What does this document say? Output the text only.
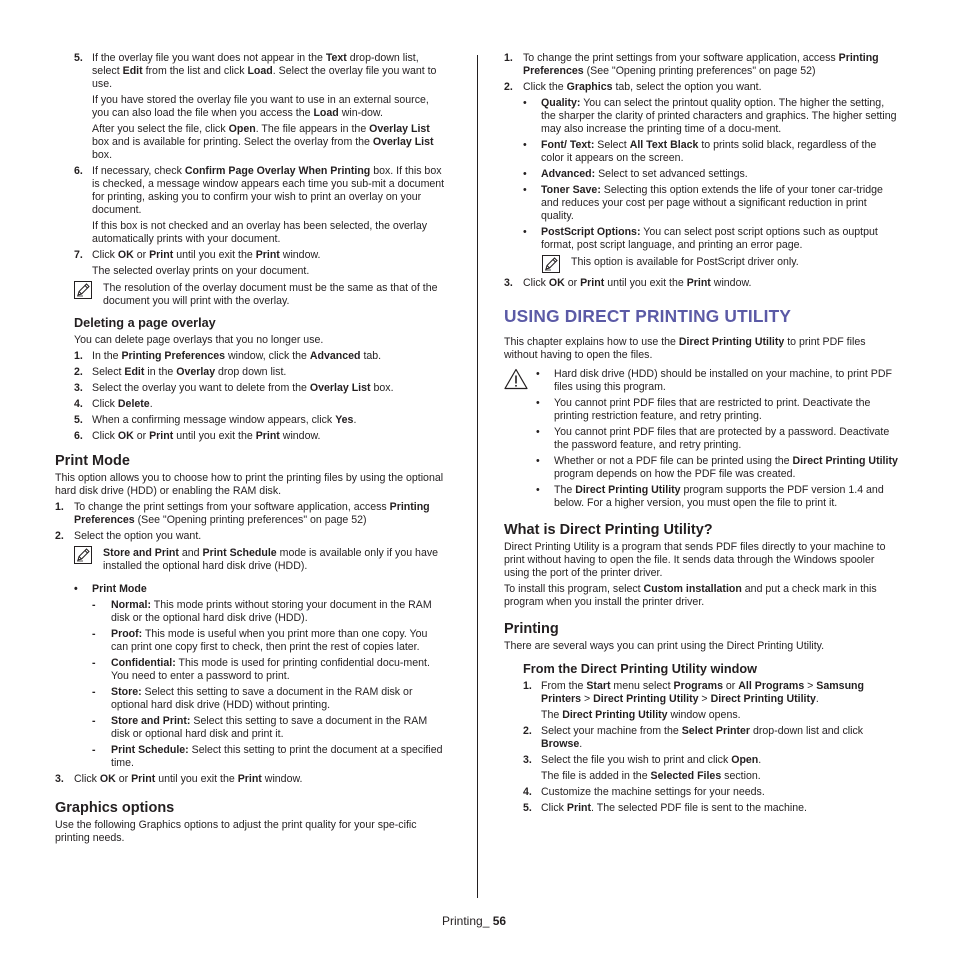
5. If the overlay file you want does not appear in the Text drop-down list, select Edit from the list and click Load. Select the overlay file you want to use.

If you have stored the overlay file you want to use in an external source, you can also load the file when you access the Load win-dow.

After you select the file, click Open. The file appears in the Overlay List box and is available for printing. Select the overlay from the Overlay List box.

6. If necessary, check Confirm Page Overlay When Printing box. If this box is checked, a message window appears each time you sub-mit a document for printing, asking you to confirm your wish to print an overlay on your document.

If this box is not checked and an overlay has been selected, the overlay automatically prints with your document.

7. Click OK or Print until you exit the Print window.

The selected overlay prints on your document.

The resolution of the overlay document must be the same as that of the document you will print with the overlay.

Deleting a page overlay

You can delete page overlays that you no longer use.

1. In the Printing Preferences window, click the Advanced tab.
2. Select Edit in the Overlay drop down list.
3. Select the overlay you want to delete from the Overlay List box.
4. Click Delete.
5. When a confirming message window appears, click Yes.
6. Click OK or Print until you exit the Print window.
Print Mode

This option allows you to choose how to print the printing files by using the optional hard disk drive (HDD) or enabling the RAM disk.

1. To change the print settings from your software application, access Printing Preferences (See "Opening printing preferences" on page 52)
2. Select the option you want.

Store and Print and Print Schedule mode is available only if you have installed the optional hard disk drive (HDD).

• Print Mode

- Normal: This mode prints without storing your document in the RAM disk or the optional hard disk drive (HDD).

- Proof: This mode is useful when you print more than one copy. You can print one copy first to check, then print the rest of copies later.

- Confidential: This mode is used for printing confidential docu-ment. You need to enter a password to print.

- Store: Select this setting to save a document in the RAM disk or optional hard disk drive (HDD) without printing.

- Store and Print: Select this setting to save a document in the RAM disk or optional hard disk and print it.

- Print Schedule: Select this setting to print the document at a specified time.

3. Click OK or Print until you exit the Print window.
Graphics options

Use the following Graphics options to adjust the print quality for your spe-cific printing needs.

1. To change the print settings from your software application, access Printing Preferences (See "Opening printing preferences" on page 52)
2. Click the Graphics tab, select the option you want.

• Quality: You can select the printout quality option. The higher the setting, the sharper the clarity of printed characters and graphics. The higher setting may also increase the printing time of a docu-ment.

• Font/ Text: Select All Text Black to prints solid black, regardless of the color it appears on the screen.

• Advanced: Select to set advanced settings.

• Toner Save: Selecting this option extends the life of your toner car-tridge and reduces your cost per page without a significant reduction in print quality.

• PostScript Options: You can select post script options such as ouptput format, post script language, and printing an error page.

This option is available for PostScript driver only.

3. Click OK or Print until you exit the Print window.
USING DIRECT PRINTING UTILITY

This chapter explains how to use the Direct Printing Utility to print PDF files without having to open the files.

• Hard disk drive (HDD) should be installed on your machine, to print PDF files using this program.

• You cannot print PDF files that are restricted to print. Deactivate the printing restriction feature, and retry printing.

• You cannot print PDF files that are protected by a password. Deactivate the password feature, and retry printing.

• Whether or not a PDF file can be printed using the Direct Printing Utility program depends on how the PDF file was created.

• The Direct Printing Utility program supports the PDF version 1.4 and below. For a higher version, you must open the file to print it.

What is Direct Printing Utility?

Direct Printing Utility is a program that sends PDF files directly to your machine to print without having to open the file. It sends data through the Windows spooler using the port of the printer driver.

To install this program, select Custom installation and put a check mark in this program when you install the printer driver.

Printing

There are several ways you can print using the Direct Printing Utility.

From the Direct Printing Utility window
1. From the Start menu select Programs or All Programs > Samsung Printers > Direct Printing Utility > Direct Printing Utility.

The Direct Printing Utility window opens.

2. Select your machine from the Select Printer drop-down list and click Browse.
3. Select the file you wish to print and click Open.

The file is added in the Selected Files section.

4. Customize the machine settings for your needs.
5. Click Print. The selected PDF file is sent to the machine.
Printing_ 56
